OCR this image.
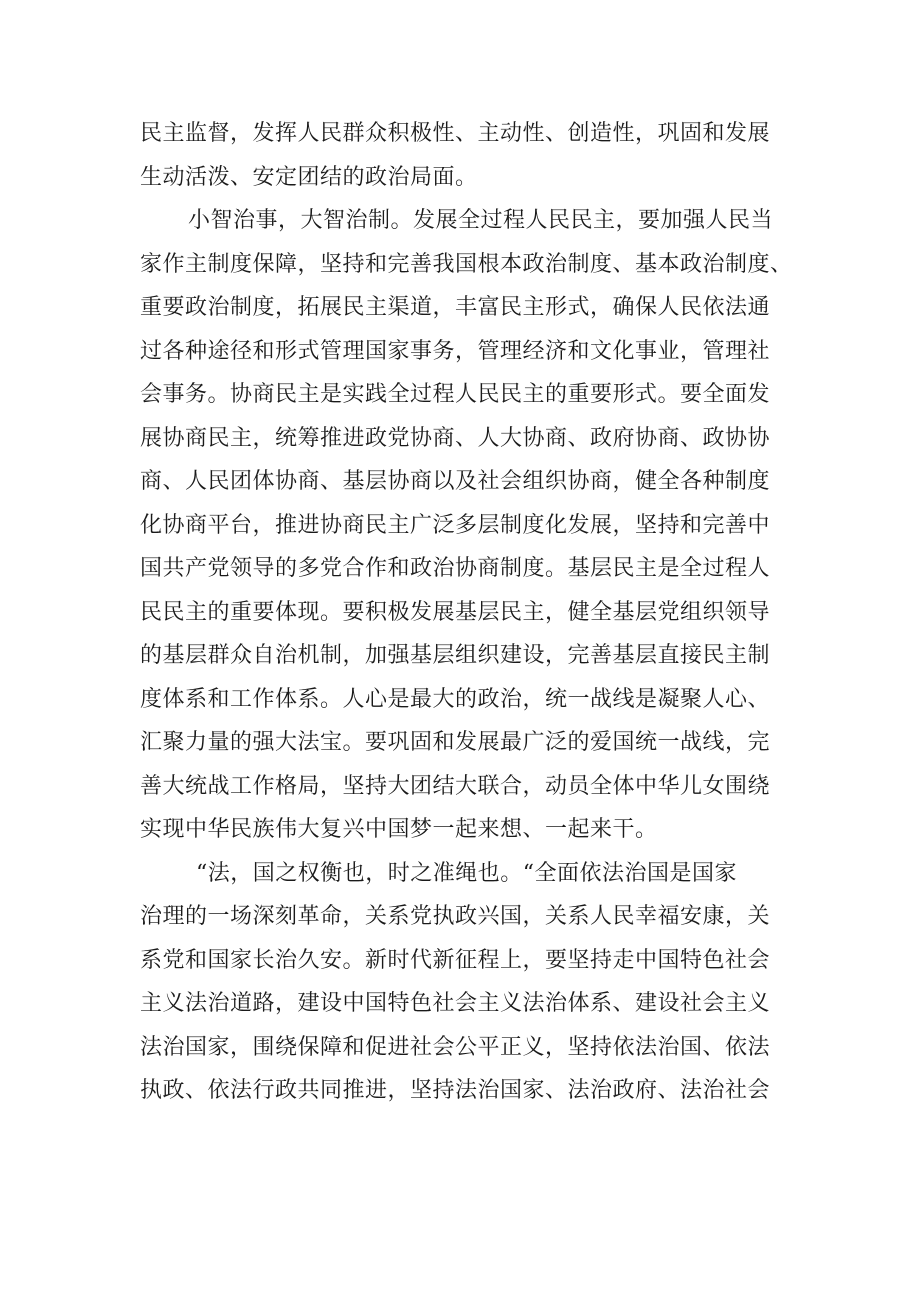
民主监督，发挥人民群众积极性、主动性、创造性，巩固和发展
生动活泼、安定团结的政治局面。
小智治事，大智治制。发展全过程人民民主，要加强人民当
家作主制度保障，坚持和完善我国根本政治制度、基本政治制度、
重要政治制度，拓展民主渠道，丰富民主形式，确保人民依法通
过各种途径和形式管理国家事务，管理经济和文化事业，管理社
会事务。协商民主是实践全过程人民民主的重要形式。要全面发
展协商民主，统筹推进政党协商、人大协商、政府协商、政协协
商、人民团体协商、基层协商以及社会组织协商，健全各种制度
化协商平台，推进协商民主广泛多层制度化发展，坚持和完善中
国共产党领导的多党合作和政治协商制度。基层民主是全过程人
民民主的重要体现。要积极发展基层民主，健全基层党组织领导
的基层群众自治机制，加强基层组织建设，完善基层直接民主制
度体系和工作体系。人心是最大的政治，统一战线是凝聚人心、
汇聚力量的强大法宝。要巩固和发展最广泛的爱国统一战线，完
善大统战工作格局，坚持大团结大联合，动员全体中华儿女围绕
实现中华民族伟大复兴中国梦一起来想、一起来干。
“法，国之权衡也，时之准绳也。“全面依法治国是国家
治理的一场深刻革命，关系党执政兴国，关系人民幸福安康，关
系党和国家长治久安。新时代新征程上，要坚持走中国特色社会
主义法治道路，建设中国特色社会主义法治体系、建设社会主义
法治国家，围绕保障和促进社会公平正义，坚持依法治国、依法
执政、依法行政共同推进，坚持法治国家、法治政府、法治社会
